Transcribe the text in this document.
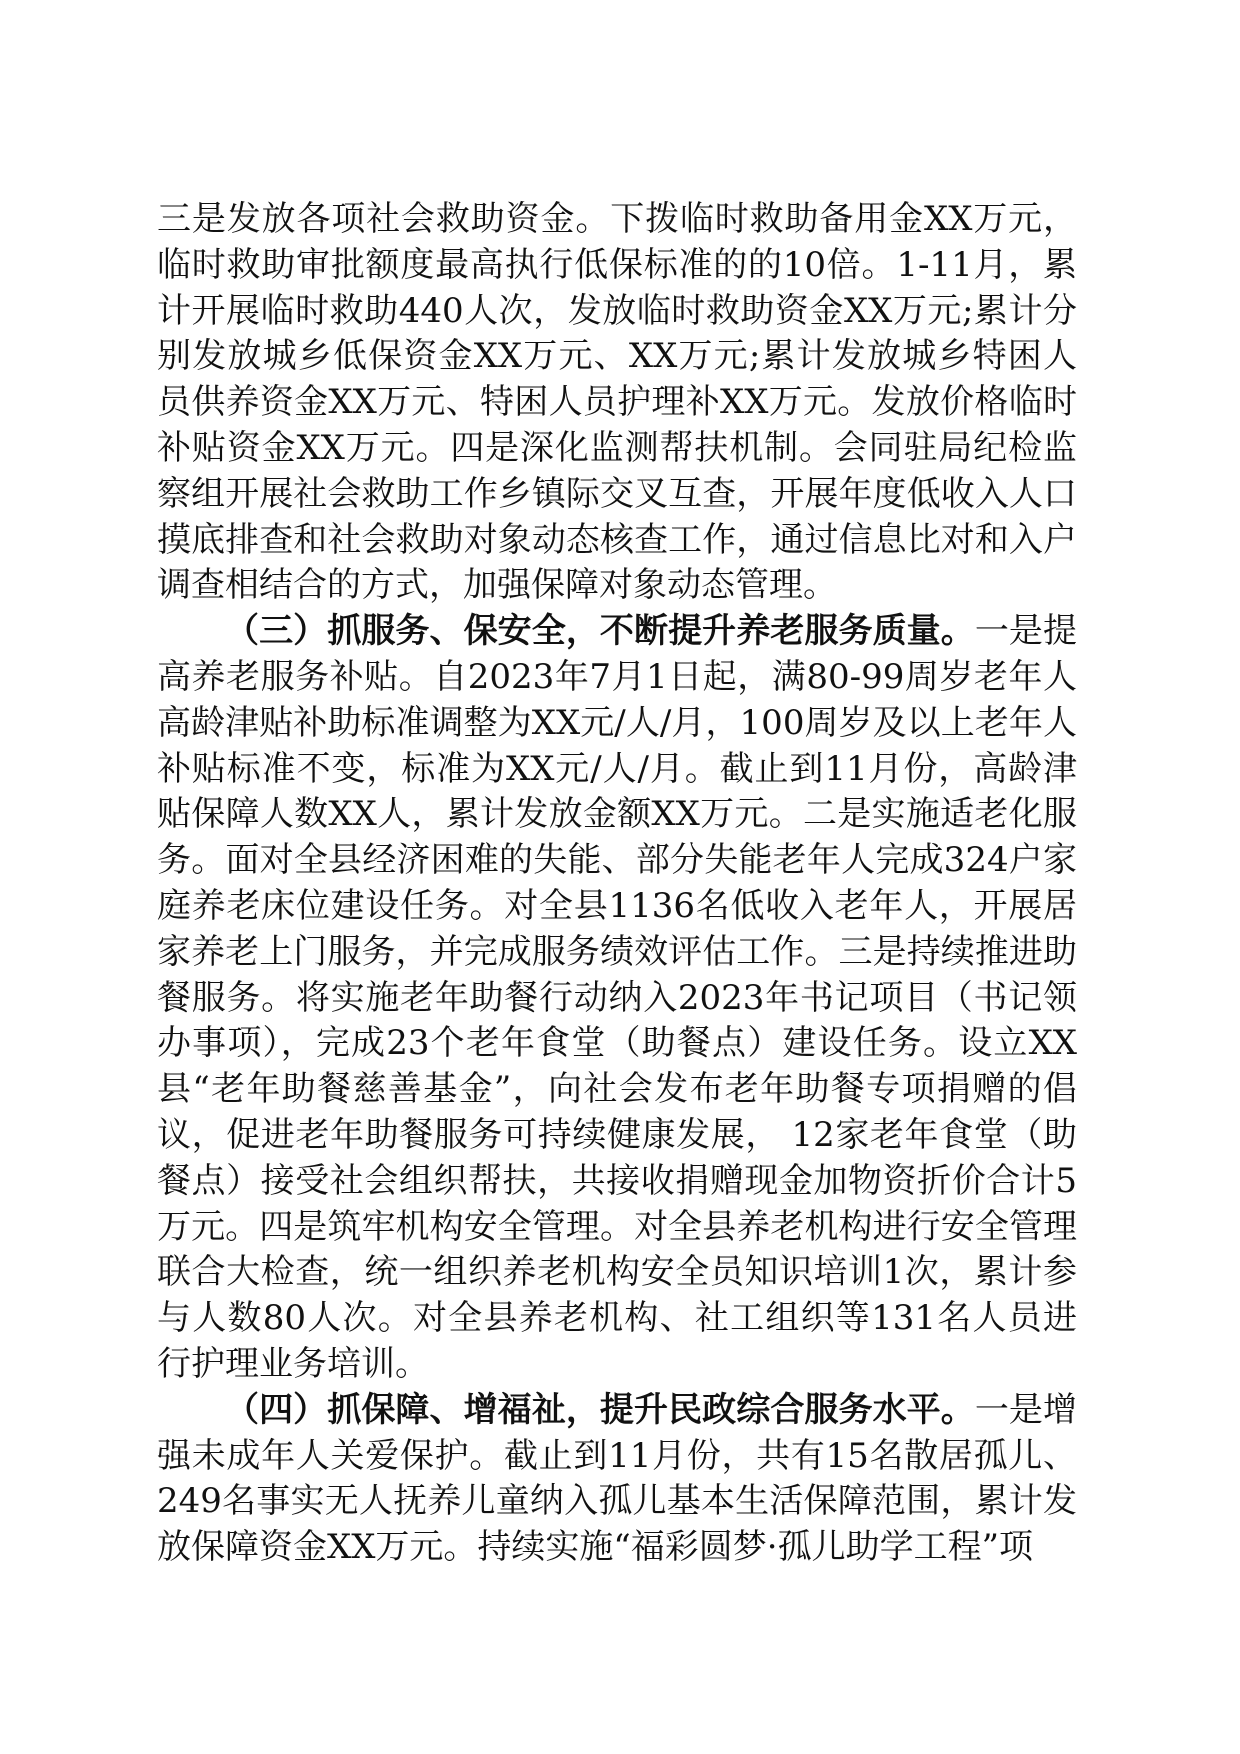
三是发放各项社会救助资金。下拨临时救助备用金XX万元，临时救助审批额度最高执行低保标准的的10倍。1-11月，累计开展临时救助440人次，发放临时救助资金XX万元;累计分别发放城乡低保资金XX万元、XX万元;累计发放城乡特困人员供养资金XX万元、特困人员护理补XX万元。发放价格临时补贴资金XX万元。四是深化监测帮扶机制。会同驻局纪检监察组开展社会救助工作乡镇际交叉互查，开展年度低收入人口摸底排查和社会救助对象动态核查工作，通过信息比对和入户调查相结合的方式，加强保障对象动态管理。

（三）抓服务、保安全，不断提升养老服务质量。一是提高养老服务补贴。自2023年7月1日起，满80-99周岁老年人高龄津贴补助标准调整为XX元/人/月，100周岁及以上老年人补贴标准不变，标准为XX元/人/月。截止到11月份，高龄津贴保障人数XX人，累计发放金额XX万元。二是实施适老化服务。面对全县经济困难的失能、部分失能老年人完成324户家庭养老床位建设任务。对全县1136名低收入老年人，开展居家养老上门服务，并完成服务绩效评估工作。三是持续推进助餐服务。将实施老年助餐行动纳入2023年书记项目（书记领办事项），完成23个老年食堂（助餐点）建设任务。设立XX县“老年助餐慈善基金”，向社会发布老年助餐专项捐赠的倡议，促进老年助餐服务可持续健康发展， 12家老年食堂（助餐点）接受社会组织帮扶，共接收捐赠现金加物资折价合计5万元。四是筑牢机构安全管理。对全县养老机构进行安全管理联合大检查，统一组织养老机构安全员知识培训1次，累计参与人数80人次。对全县养老机构、社工组织等131名人员进行护理业务培训。

（四）抓保障、增福祉，提升民政综合服务水平。一是增强未成年人关爱保护。截止到11月份，共有15名散居孤儿、249名事实无人抚养儿童纳入孤儿基本生活保障范围，累计发放保障资金XX万元。持续实施“福彩圆梦·孤儿助学工程”项
